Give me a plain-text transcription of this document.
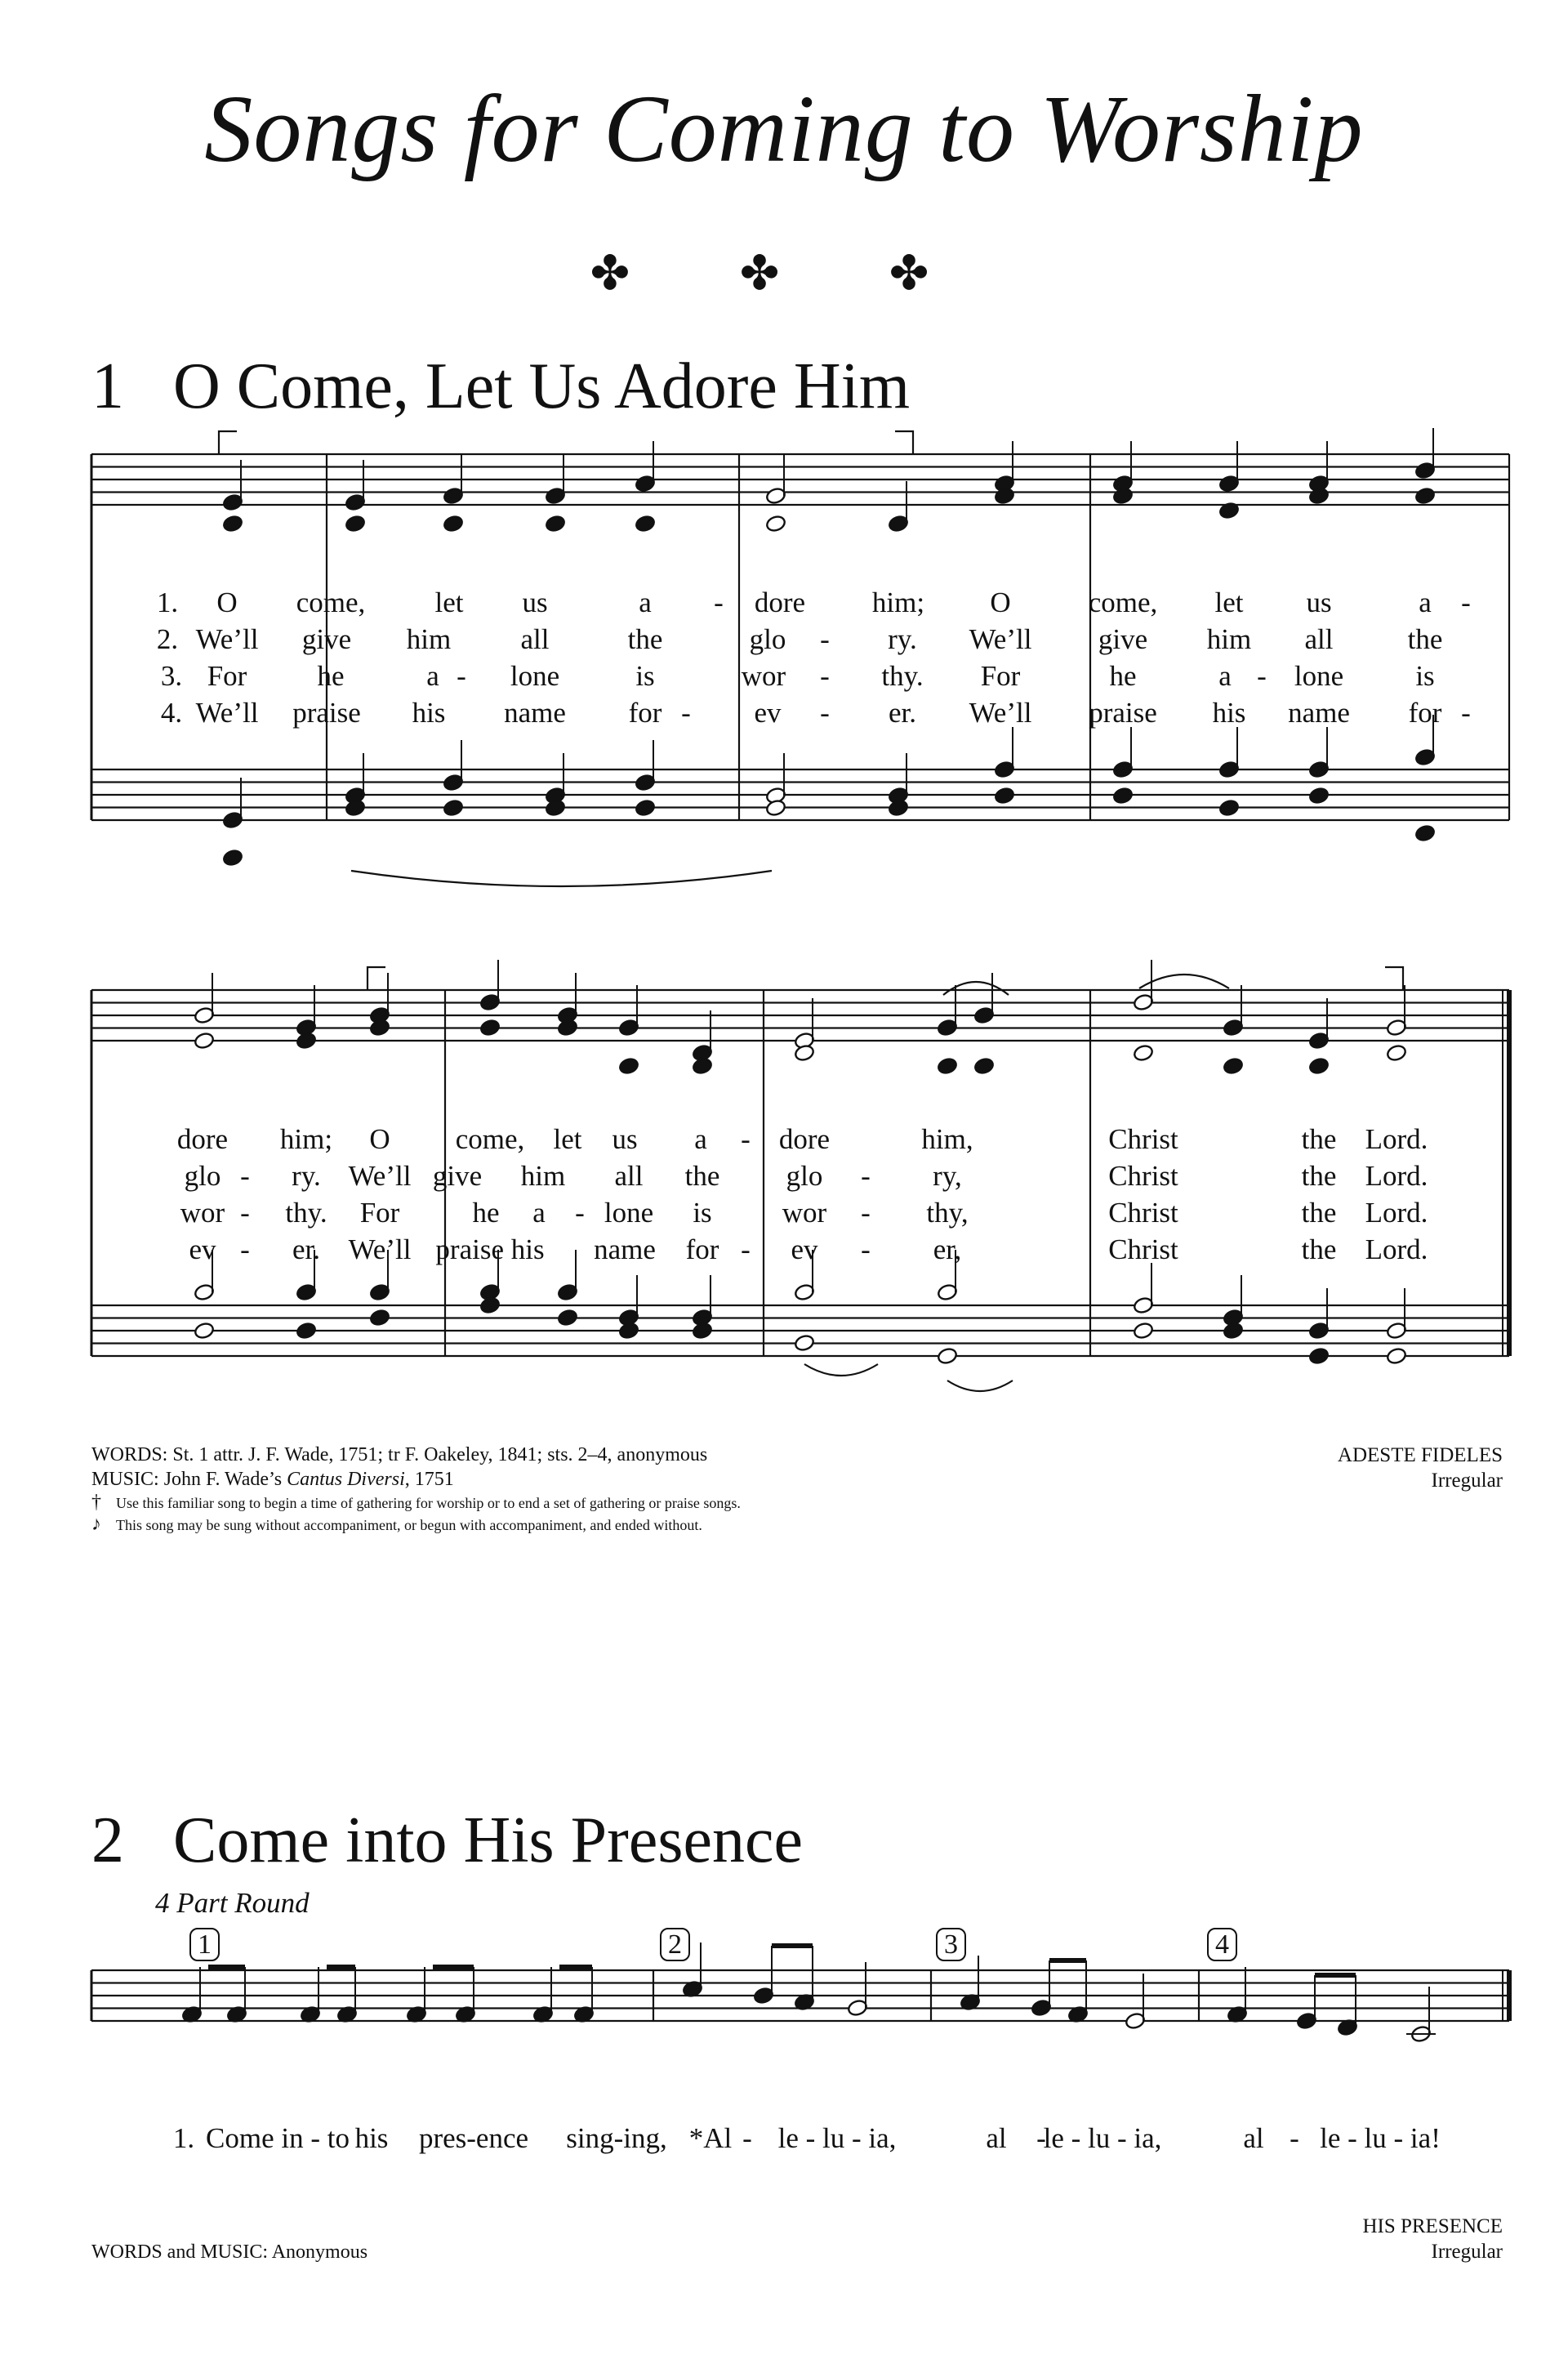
Songs for Coming to Worship
✤ ✤ ✤
1 O Come, Let Us Adore Him
𝄞
𝄢
♭
♭
4
4
4
4
𝄞
𝄢
♭
♭
𝄞 4
4
1. O come, let us	a - dore him; O	come, let us	a -
2. We’ll give him all	the	glo - ry. We’ll give him all	the
3. For he	a - lone	is	wor - thy. For	he	a - lone	is
4. We’ll praise his name for - ev - er. We’ll praise his name for -
dore him; O come, let us a - dore	him,	Christ	the Lord.
glo - ry. We’ll give him all the glo - ry,	Christ	the Lord.
wor - thy. For	he a - lone is wor - thy,	Christ	the Lord.
ev - er. We’ll praise his name for - ev - er,	Christ	the Lord.
WORDS: St. 1 attr. J. F. Wade, 1751; tr F. Oakeley, 1841; sts. 2–4, anonymous
MUSIC: John F. Wade’s Cantus Diversi, 1751
† Use this familiar song to begin a time of gathering for worship or to end a set of gathering or praise songs.
♪ This song may be sung without accompaniment, or begun with accompaniment, and ended without.
ADESTE FIDELES
Irregular
2 Come into His Presence
4 Part Round
1	2	3	4
1. Come in - to his pres-ence sing-ing, *Al - le - lu - ia,	al -
le - lu - ia,	al - le - lu - ia!
WORDS and MUSIC: Anonymous
HIS PRESENCE
Irregular
